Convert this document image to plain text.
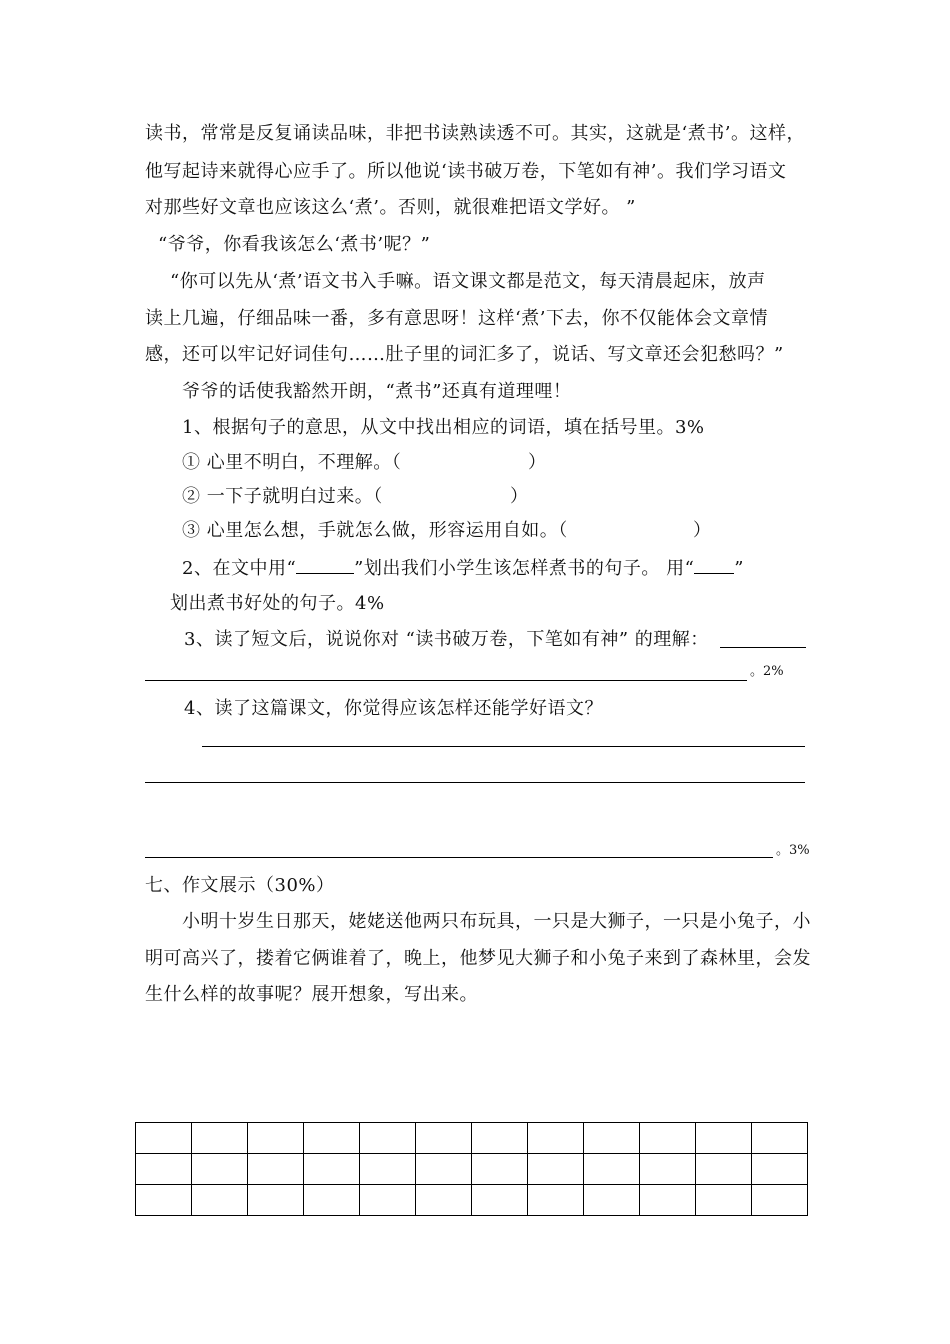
读书，常常是反复诵读品味，非把书读熟读透不可。其实，这就是‘煮书’。这样，
他写起诗来就得心应手了。所以他说‘读书破万卷，下笔如有神’。我们学习语文
对那些好文章也应该这么‘煮’。否则，就很难把语文学好。 ”
“爷爷，你看我该怎么‘煮书’呢？”
“你可以先从‘煮’语文书入手嘛。语文课文都是范文，每天清晨起床，放声
读上几遍，仔细品味一番，多有意思呀！这样‘煮’下去，你不仅能体会文章情
感，还可以牢记好词佳句……肚子里的词汇多了，说话、写文章还会犯愁吗？”
爷爷的话使我豁然开朗，“煮书”还真有道理哩！
1、根据句子的意思，从文中找出相应的词语，填在括号里。3%
① 心里不明白，不理解。（	）
② 一下子就明白过来。（	）
③ 心里怎么想，手就怎么做，形容运用自如。（	）
2、在文中用“	”划出我们小学生该怎样煮书的句子。 用“ ”
划出煮书好处的句子。4%
3、读了短文后，说说你对 “读书破万卷，下笔如有神” 的理解：
。2%
4、读了这篇课文，你觉得应该怎样还能学好语文？
。3%
七、作文展示（30%）
小明十岁生日那天，姥姥送他两只布玩具，一只是大狮子，一只是小兔子，小
明可高兴了，搂着它俩谁着了，晚上，他梦见大狮子和小兔子来到了森林里，会发
生什么样的故事呢？展开想象，写出来。
